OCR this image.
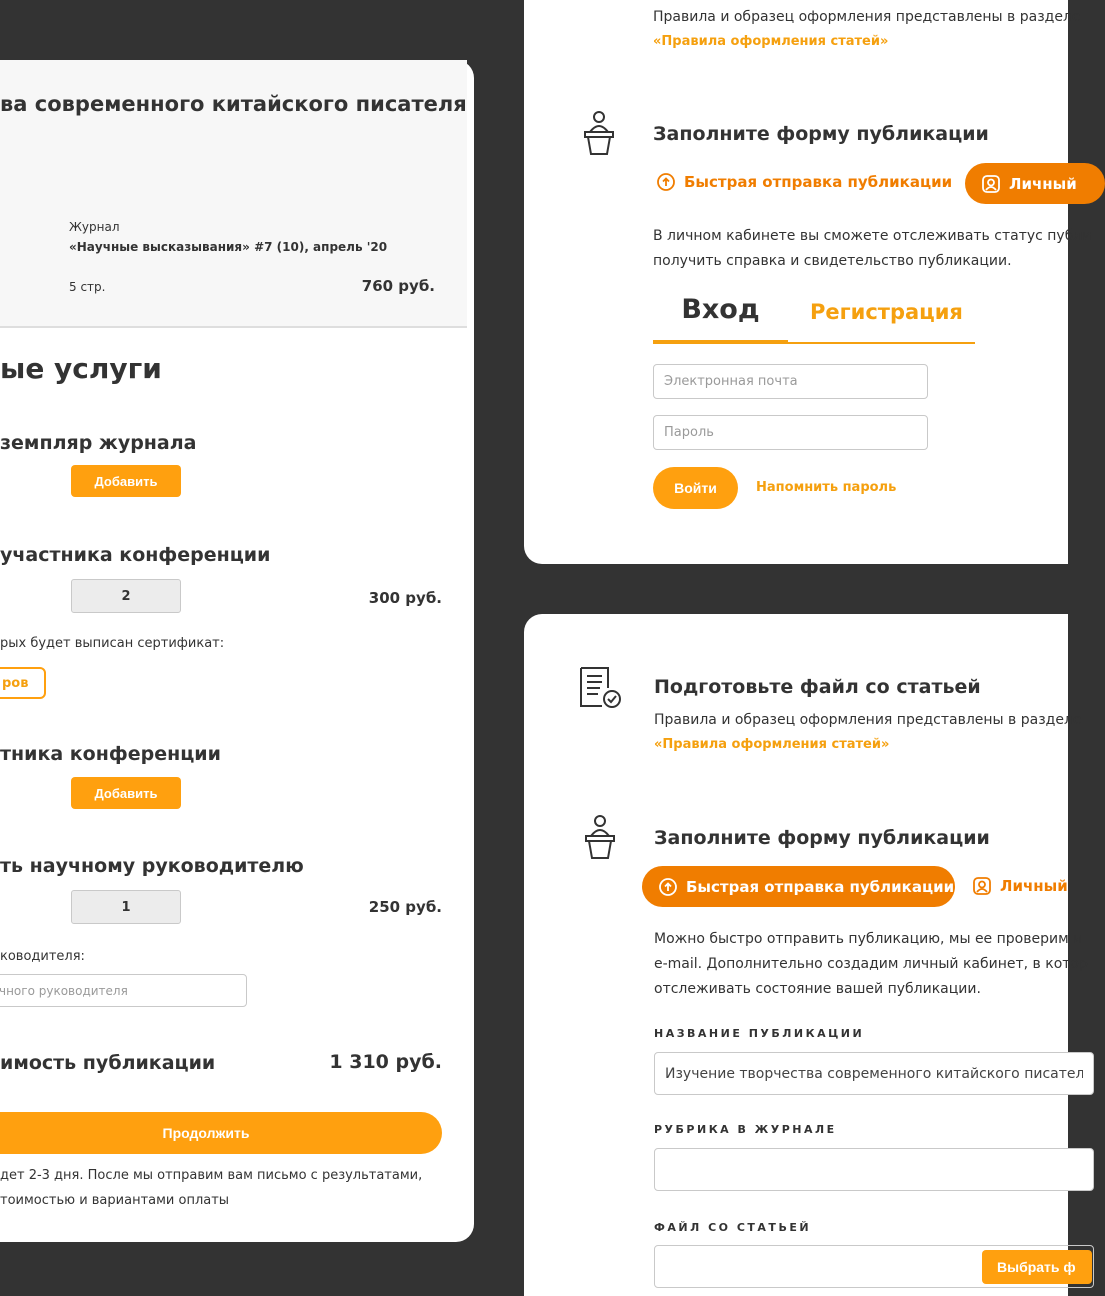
ва современного китайского писателя
Журнал
«Научные высказывания» #7 (10), апрель '20
5 стр.	760 руб.
ые услуги
земпляр журнала
Добавить
участника конференции
2	300 руб.
рых будет выписан сертификат:
ров
тника конференции
Добавить
ть научному руководителю
1	250 руб.
ководителя:
чного руководителя
имость публикации	1 310 руб.
Продолжить
дет 2-3 дня. После мы отправим вам письмо с результатами,
тоимостью и вариантами оплаты
Правила и образец оформления представлены в разделе
«Правила оформления статей»
Заполните форму публикации
Быстрая отправка публикации	Личный
В личном кабинете вы сможете отслеживать статус публи
получить справка и свидетельство публикации.
Вход Регистрация
Электронная почта
Пароль
Войти	Напомнить пароль
Подготовьте файл со статьей
Правила и образец оформления представлены в разделе
«Правила оформления статей»
Заполните форму публикации
Быстрая отправка публикации	Личный
Можно быстро отправить публикацию, мы ее проверим и
e-mail. Дополнительно создадим личный кабинет, в котор
отслеживать состояние вашей публикации.
НАЗВАНИЕ ПУБЛИКАЦИИ
Изучение творчества современного китайского писател
РУБРИКА В ЖУРНАЛЕ
ФАЙЛ СО СТАТЬЕЙ
Выбрать ф
